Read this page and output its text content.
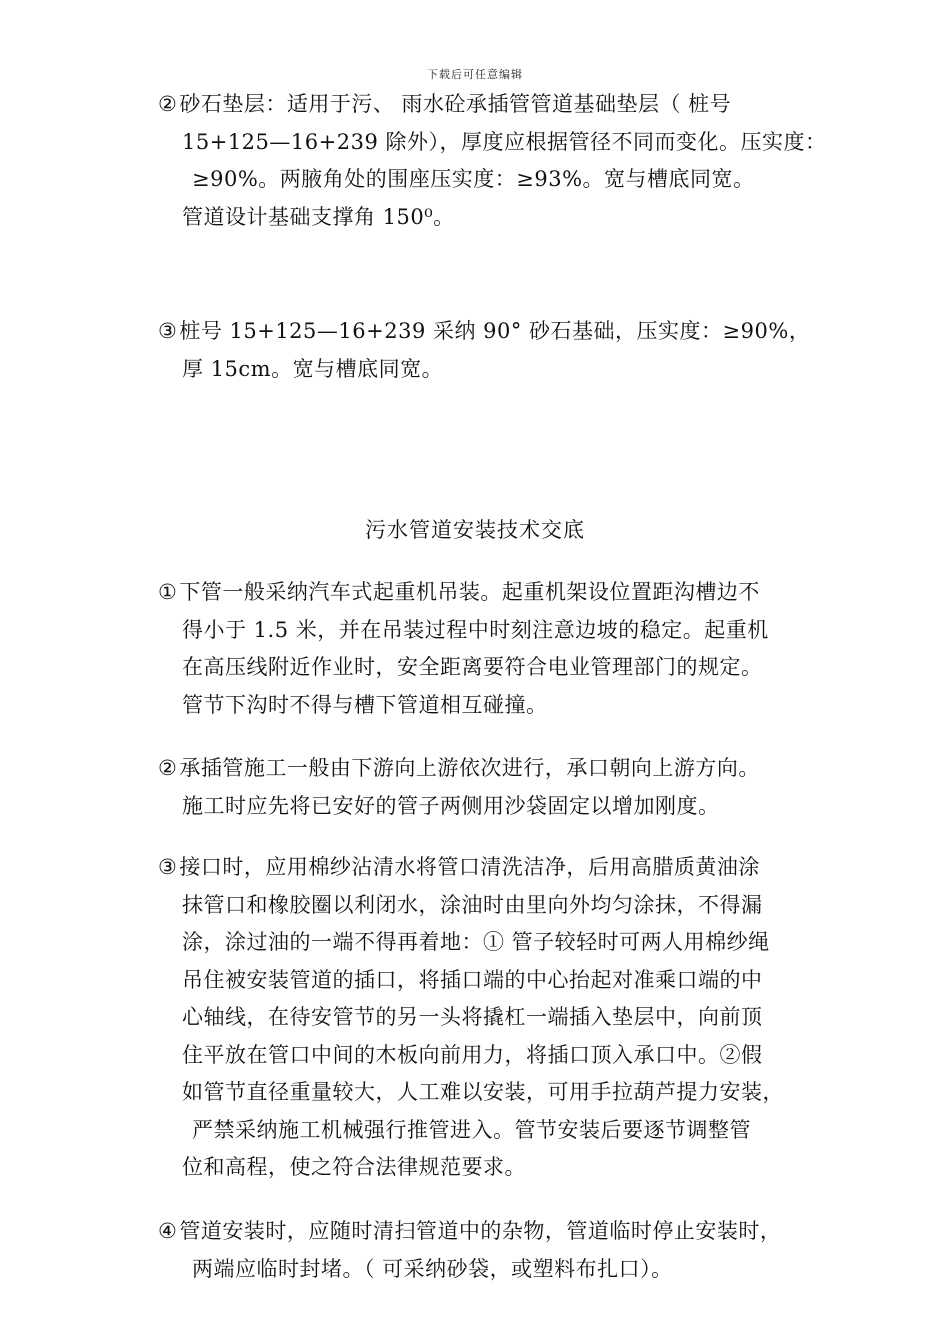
下载后可任意编辑
②砂石垫层：适用于污、 雨水砼承插管管道基础垫层（ 桩号
15+125—16+239 除外），厚度应根据管径不同而变化。压实度：
≥90%。两腋角处的围座压实度：≥93%。宽与槽底同宽。
管道设计基础支撑角 150⁰。
③桩号 15+125—16+239 采纳 90° 砂石基础，压实度：≥90%，
厚 15cm。宽与槽底同宽。
污水管道安装技术交底
①下管一般采纳汽车式起重机吊装。起重机架设位置距沟槽边不
得小于 1.5 米，并在吊装过程中时刻注意边坡的稳定。起重机
在高压线附近作业时，安全距离要符合电业管理部门的规定。
管节下沟时不得与槽下管道相互碰撞。
②承插管施工一般由下游向上游依次进行，承口朝向上游方向。
施工时应先将已安好的管子两侧用沙袋固定以增加刚度。
③接口时，应用棉纱沾清水将管口清洗洁净，后用高腊质黄油涂
抹管口和橡胶圈以利闭水，涂油时由里向外均匀涂抹，不得漏
涂，涂过油的一端不得再着地：① 管子较轻时可两人用棉纱绳
吊住被安装管道的插口，将插口端的中心抬起对准乘口端的中
心轴线，在待安管节的另一头将撬杠一端插入垫层中，向前顶
住平放在管口中间的木板向前用力，将插口顶入承口中。②假
如管节直径重量较大，人工难以安装，可用手拉葫芦提力安装，
严禁采纳施工机械强行推管进入。管节安装后要逐节调整管
位和高程，使之符合法律规范要求。
④管道安装时，应随时清扫管道中的杂物，管道临时停止安装时，
两端应临时封堵。（ 可采纳砂袋，或塑料布扎口）。
